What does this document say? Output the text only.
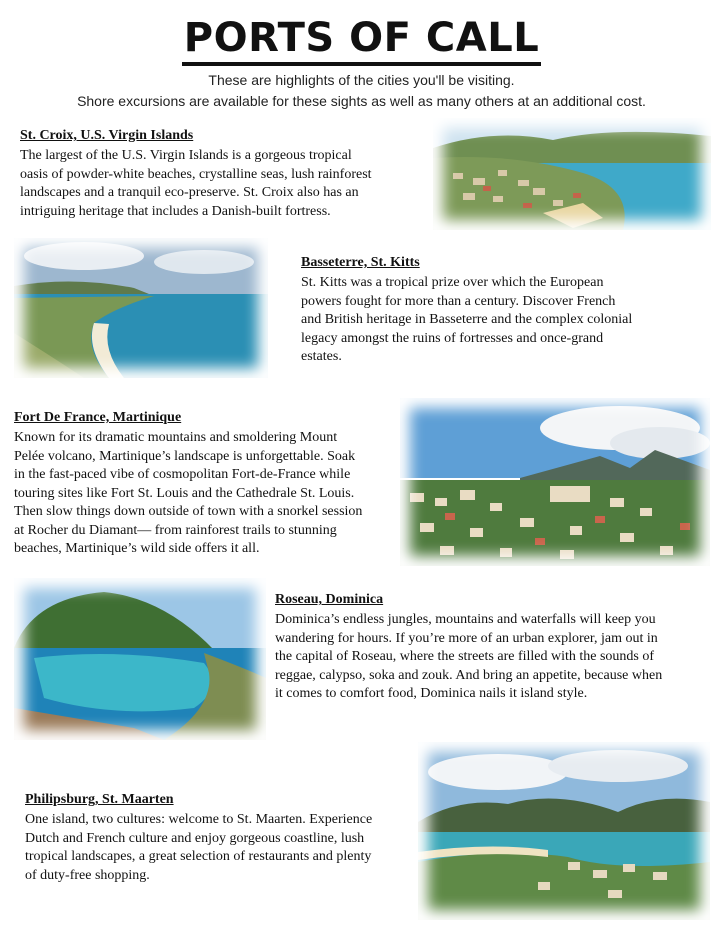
PORTS OF CALL
These are highlights of the cities you'll be visiting.
Shore excursions are available for these sights as well as many others at an additional cost.
St. Croix, U.S. Virgin Islands

The largest of the U.S. Virgin Islands is a gorgeous tropical
oasis of powder-white beaches, crystalline seas, lush rainforest
landscapes and a tranquil eco-preserve. St. Croix also has an
intriguing heritage that includes a Danish-built fortress.

Basseterre, St. Kitts

St. Kitts was a tropical prize over which the European
powers fought for more than a century. Discover French
and British heritage in Basseterre and the complex colonial
legacy amongst the ruins of fortresses and once-grand
estates.

Fort De France, Martinique

Known for its dramatic mountains and smoldering Mount
Pelée volcano, Martinique’s landscape is unforgettable. Soak
in the fast-paced vibe of cosmopolitan Fort-de-France while
touring sites like Fort St. Louis and the Cathedrale St. Louis.
Then slow things down outside of town with a snorkel session
at Rocher du Diamant— from rainforest trails to stunning
beaches, Martinique’s wild side offers it all.

Roseau, Dominica

Dominica’s endless jungles, mountains and waterfalls will keep you
wandering for hours. If you’re more of an urban explorer, jam out in
the capital of Roseau, where the streets are filled with the sounds of
reggae, calypso, soka and zouk. And bring an appetite, because when
it comes to comfort food, Dominica nails it island style.

Philipsburg, St. Maarten

One island, two cultures: welcome to St. Maarten. Experience
Dutch and French culture and enjoy gorgeous coastline, lush
tropical landscapes, a great selection of restaurants and plenty
of duty-free shopping.
